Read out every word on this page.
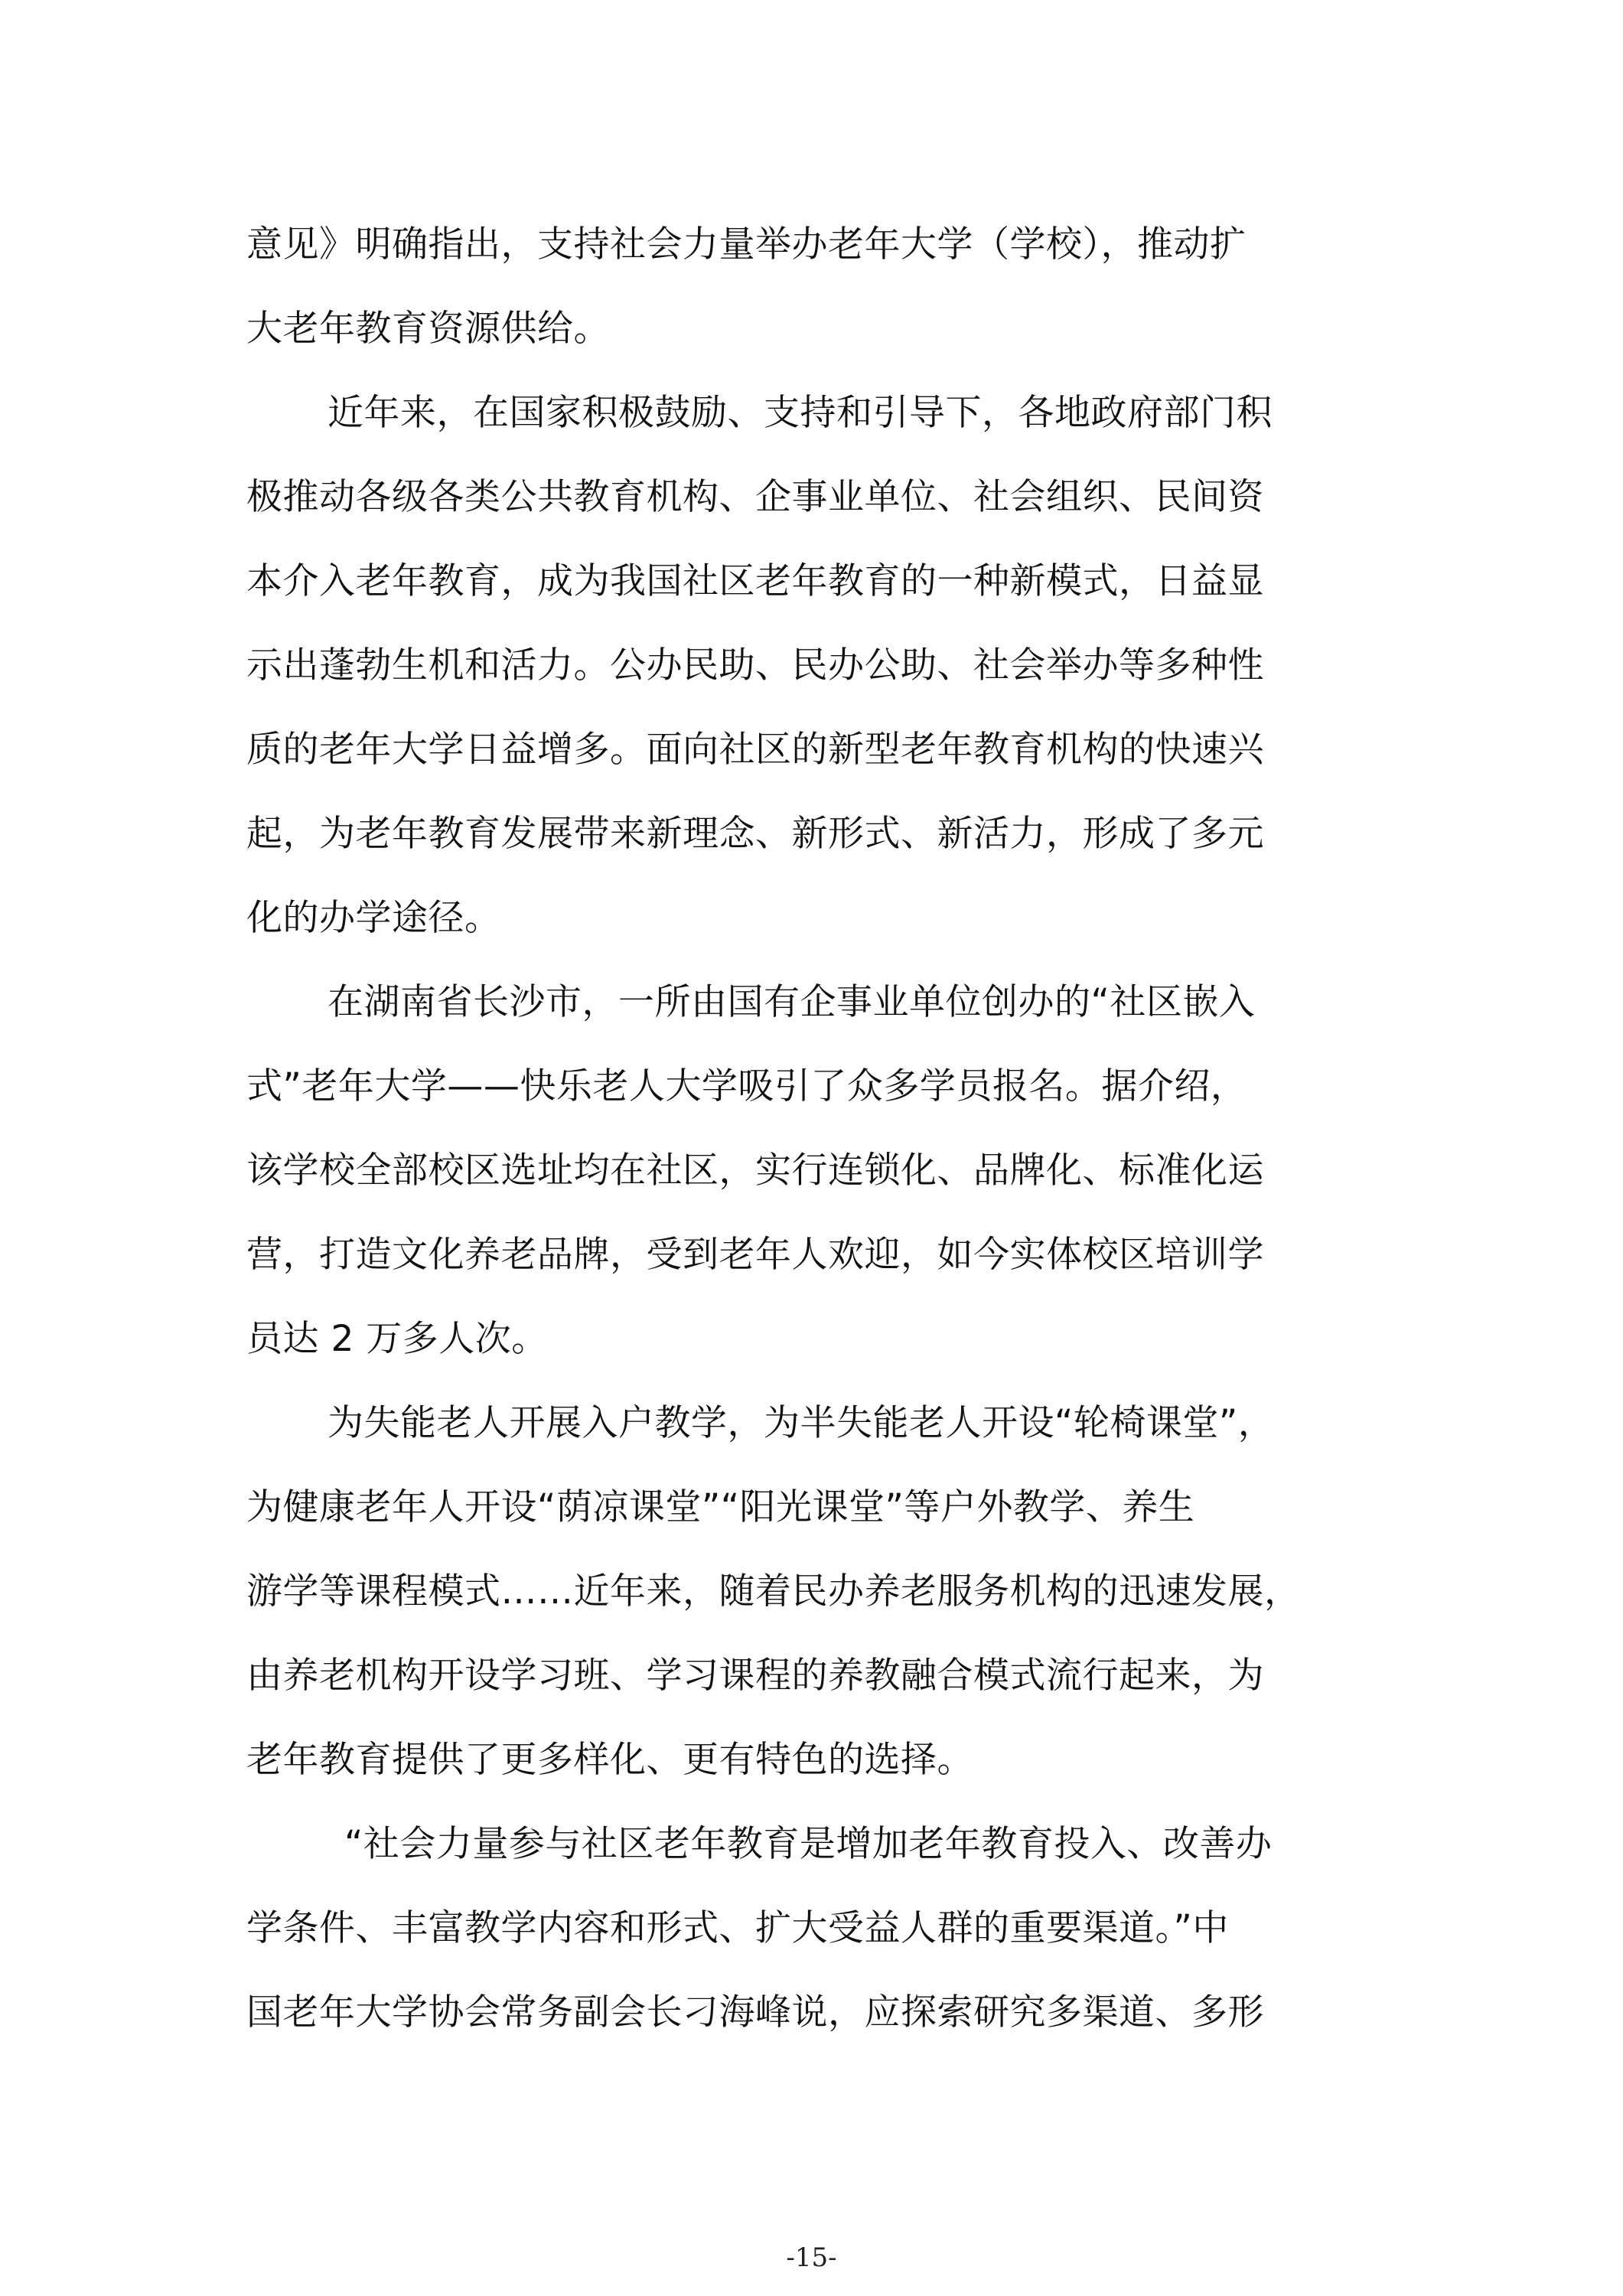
意见》明确指出，支持社会力量举办老年大学（学校），推动扩
大老年教育资源供给。
近年来，在国家积极鼓励、支持和引导下，各地政府部门积
极推动各级各类公共教育机构、企事业单位、社会组织、民间资
本介入老年教育，成为我国社区老年教育的一种新模式，日益显
示出蓬勃生机和活力。公办民助、民办公助、社会举办等多种性
质的老年大学日益增多。面向社区的新型老年教育机构的快速兴
起，为老年教育发展带来新理念、新形式、新活力，形成了多元
化的办学途径。
在湖南省长沙市，一所由国有企事业单位创办的“社区嵌入
式”老年大学——快乐老人大学吸引了众多学员报名。据介绍，
该学校全部校区选址均在社区，实行连锁化、品牌化、标准化运
营，打造文化养老品牌，受到老年人欢迎，如今实体校区培训学
员达 2 万多人次。
为失能老人开展入户教学，为半失能老人开设“轮椅课堂”，
为健康老年人开设“荫凉课堂”“阳光课堂”等户外教学、养生
游学等课程模式……近年来，随着民办养老服务机构的迅速发展，
由养老机构开设学习班、学习课程的养教融合模式流行起来，为
老年教育提供了更多样化、更有特色的选择。
“社会力量参与社区老年教育是增加老年教育投入、改善办
学条件、丰富教学内容和形式、扩大受益人群的重要渠道。”中
国老年大学协会常务副会长刁海峰说，应探索研究多渠道、多形
-15-
